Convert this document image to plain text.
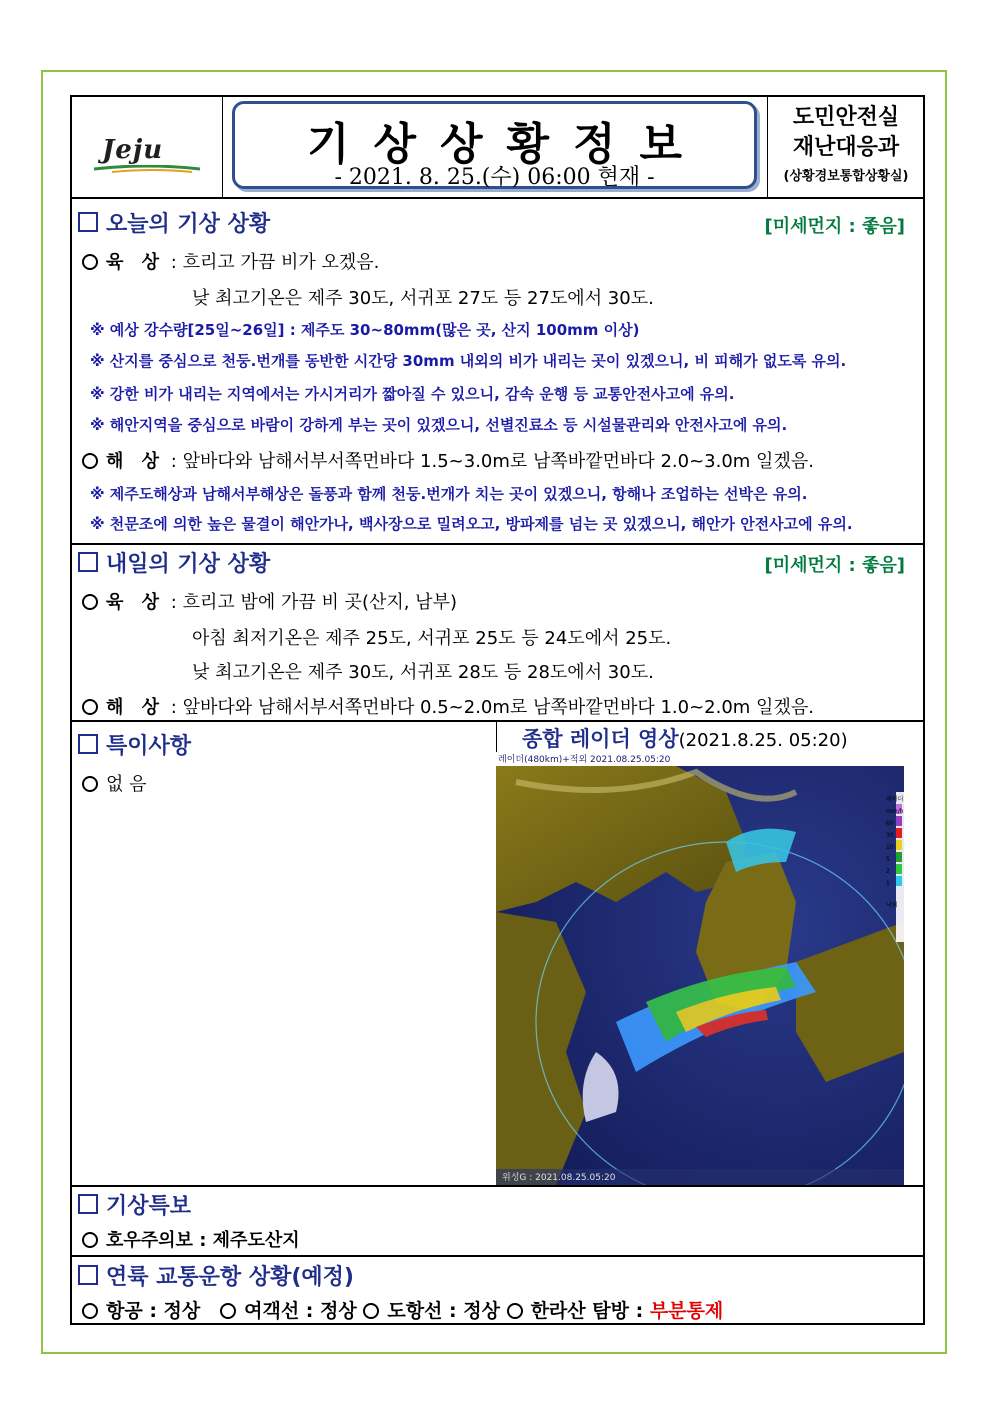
Jeju	기상상황정보
- 2021. 8. 25.(수) 06:00 현재 -
도민안전실
재난대응과
(상황경보통합상황실)
오늘의 기상 상황	[미세먼지 : 좋음]
육 상 : 흐리고 가끔 비가 오겠음.
낮 최고기온은 제주 30도, 서귀포 27도 등 27도에서 30도.
※ 예상 강수량[25일~26일] : 제주도 30~80mm(많은 곳, 산지 100mm 이상)
※ 산지를 중심으로 천둥.번개를 동반한 시간당 30mm 내외의 비가 내리는 곳이 있겠으니, 비 피해가 없도록 유의.
※ 강한 비가 내리는 지역에서는 가시거리가 짧아질 수 있으니, 감속 운행 등 교통안전사고에 유의.
※ 해안지역을 중심으로 바람이 강하게 부는 곳이 있겠으니, 선별진료소 등 시설물관리와 안전사고에 유의.
해 상 : 앞바다와 남해서부서쪽먼바다 1.5~3.0m로 남쪽바깥먼바다 2.0~3.0m 일겠음.
※ 제주도해상과 남해서부해상은 돌풍과 함께 천둥.번개가 치는 곳이 있겠으니, 항해나 조업하는 선박은 유의.
※ 천문조에 의한 높은 물결이 해안가나, 백사장으로 밀려오고, 방파제를 넘는 곳 있겠으니, 해안가 안전사고에 유의.
내일의 기상 상황	[미세먼지 : 좋음]
육 상 : 흐리고 밤에 가끔 비 곳(산지, 남부)
아침 최저기온은 제주 25도, 서귀포 25도 등 24도에서 25도.
낮 최고기온은 제주 30도, 서귀포 28도 등 28도에서 30도.
해 상 : 앞바다와 남해서부서쪽먼바다 0.5~2.0m로 남쪽바깥먼바다 1.0~2.0m 일겠음.
특이사항
없 음
종합 레이더 영상(2021.8.25. 05:20)
레이더(480km)+적외 2021.08.25.05:20
위성G : 2021.08.25.05:20
레이더
mm/h
60
30
10
5
2
1
낙뢰
기상특보
호우주의보 : 제주도산지
연륙 교통운항 상황(예정)
항공 : 정상 여객선 : 정상 도항선 : 정상 한라산 탐방 : 부분통제
